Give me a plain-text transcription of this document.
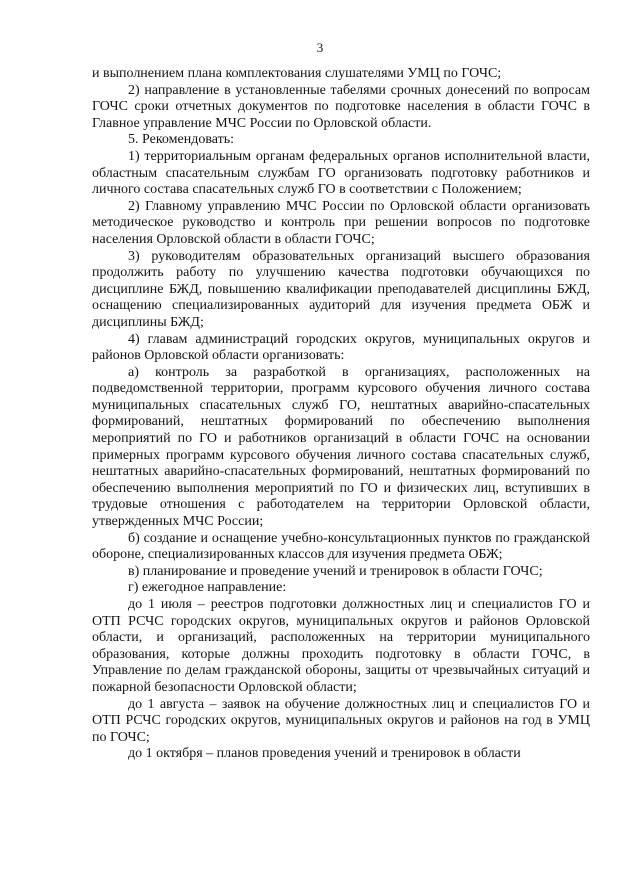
3

и выполнением плана комплектования слушателями УМЦ по ГОЧС;

2) направление в установленные табелями срочных донесений по вопросам ГОЧС сроки отчетных документов по подготовке населения в области ГОЧС в Главное управление МЧС России по Орловской области.

5. Рекомендовать:

1) территориальным органам федеральных органов исполнительной власти, областным спасательным службам ГО организовать подготовку работников и личного состава спасательных служб ГО в соответствии с Положением;

2) Главному управлению МЧС России по Орловской области организовать методическое руководство и контроль при решении вопросов по подготовке населения Орловской области в области ГОЧС;

3) руководителям образовательных организаций высшего образования продолжить работу по улучшению качества подготовки обучающихся по дисциплине БЖД, повышению квалификации преподавателей дисциплины БЖД, оснащению специализированных аудиторий для изучения предмета ОБЖ и дисциплины БЖД;

4) главам администраций городских округов, муниципальных округов и районов Орловской области организовать:

а) контроль за разработкой в организациях, расположенных на подведомственной территории, программ курсового обучения личного состава муниципальных спасательных служб ГО, нештатных аварийно-спасательных формирований, нештатных формирований по обеспечению выполнения мероприятий по ГО и работников организаций в области ГОЧС на основании примерных программ курсового обучения личного состава спасательных служб, нештатных аварийно-спасательных формирований, нештатных формирований по обеспечению выполнения мероприятий по ГО и физических лиц, вступивших в трудовые отношения с работодателем на территории Орловской области, утвержденных МЧС России;

б) создание и оснащение учебно-консультационных пунктов по гражданской обороне, специализированных классов для изучения предмета ОБЖ;

в) планирование и проведение учений и тренировок в области ГОЧС;

г) ежегодное направление:

до 1 июля – реестров подготовки должностных лиц и специалистов ГО и ОТП РСЧС городских округов, муниципальных округов и районов Орловской области, и организаций, расположенных на территории муниципального образования, которые должны проходить подготовку в области ГОЧС, в Управление по делам гражданской обороны, защиты от чрезвычайных ситуаций и пожарной безопасности Орловской области;

до 1 августа – заявок на обучение должностных лиц и специалистов ГО и ОТП РСЧС городских округов, муниципальных округов и районов на год в УМЦ по ГОЧС;

до 1 октября – планов проведения учений и тренировок в области
